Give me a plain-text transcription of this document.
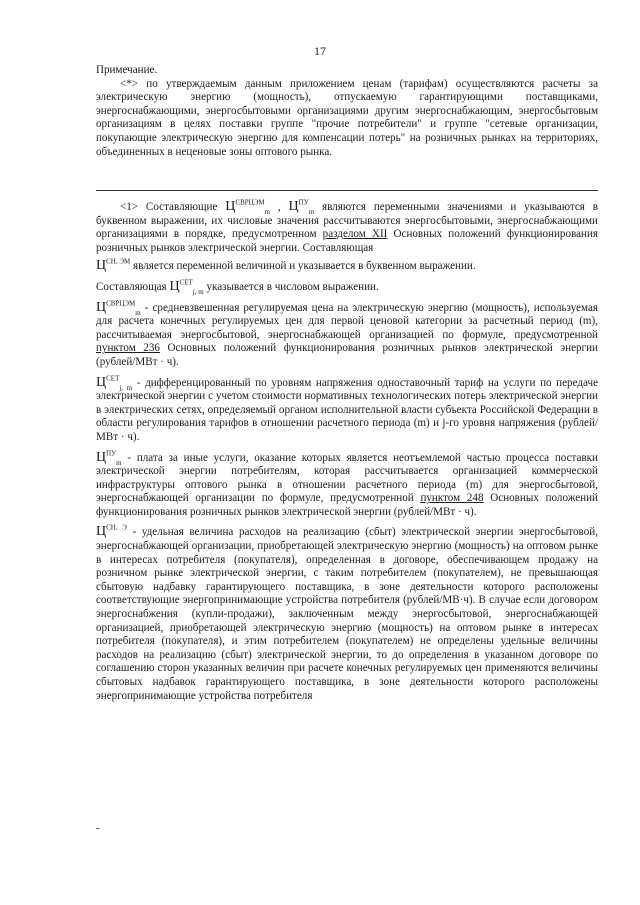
17

Примечание.

<*> по утверждаемым данным приложением ценам (тарифам) осуществляются расчеты за электрическую энергию (мощность), отпускаемую гарантирующими поставщиками, энергоснабжающими, энергосбытовыми организациями другим энергоснабжающим, энергосбытовым организациям в целях поставки группе "прочие потребители" и группе "сетевые организации, покупающие электрическую энергию для компенсации потерь" на розничных рынках на территориях, объединенных в неценовые зоны оптового рынка.

<1> Составляющие $Ц^{СВРЦЭМ}_m$ , $Ц^{ПУ}_m$ являются переменными значениями и указываются в буквенном выражении, их числовые значения рассчитываются энергосбытовыми, энергоснабжающими организациями в порядке, предусмотренном разделом XII Основных положений функционирования розничных рынков электрической энергии. Составляющая

$Ц^{СН, ЭМ}$ является переменной величиной и указывается в буквенном выражении.

Составляющая $Ц^{СЕТ}_{j, m}$ указывается в числовом выражении.

$Ц^{СВРЦЭМ}_m$ - средневзвешенная регулируемая цена на электрическую энергию (мощность), используемая для расчета конечных регулируемых цен для первой ценовой категории за расчетный период (m), рассчитываемая энергосбытовой, энергоснабжающей организацией по формуле, предусмотренной пунктом 236 Основных положений функционирования розничных рынков электрической энергии (рублей/МВт · ч).

$Ц^{СЕТ}_{j, m}$ - дифференцированный по уровням напряжения одноставочный тариф на услуги по передаче электрической энергии с учетом стоимости нормативных технологических потерь электрической энергии в электрических сетях, определяемый органом исполнительной власти субъекта Российской Федерации в области регулирования тарифов в отношении расчетного периода (m) и j-го уровня напряжения (рублей/МВт · ч).

$Ц^{ПУ}_m$ - плата за иные услуги, оказание которых является неотъемлемой частью процесса поставки электрической энергии потребителям, которая рассчитывается организацией коммерческой инфраструктуры оптового рынка в отношении расчетного периода (m) для энергосбытовой, энергоснабжающей организации по формуле, предусмотренной пунктом 248 Основных положений функционирования розничных рынков электрической энергии (рублей/МВт · ч).

$Ц^{СН, Э}$ - удельная величина расходов на реализацию (сбыт) электрической энергии энергосбытовой, энергоснабжающей организации, приобретающей электрическую энергию (мощность) на оптовом рынке в интересах потребителя (покупателя), определенная в договоре, обеспечивающем продажу на розничном рынке электрической энергии, с таким потребителем (покупателем), не превышающая сбытовую надбавку гарантирующего поставщика, в зоне деятельности которого расположены соответствующие энергопринимающие устройства потребителя (рублей/МВ·ч). В случае если договором энергоснабжения (купли-продажи), заключенным между энергосбытовой, энергоснабжающей организацией, приобретающей электрическую энергию (мощность) на оптовом рынке в интересах потребителя (покупателя), и этим потребителем (покупателем) не определены удельные величины расходов на реализацию (сбыт) электрической энергии, то до определения в указанном договоре по соглашению сторон указанных величин при расчете конечных регулируемых цен применяются величины сбытовых надбавок гарантирующего поставщика, в зоне деятельности которого расположены энергопринимающие устройства потребителя

-
